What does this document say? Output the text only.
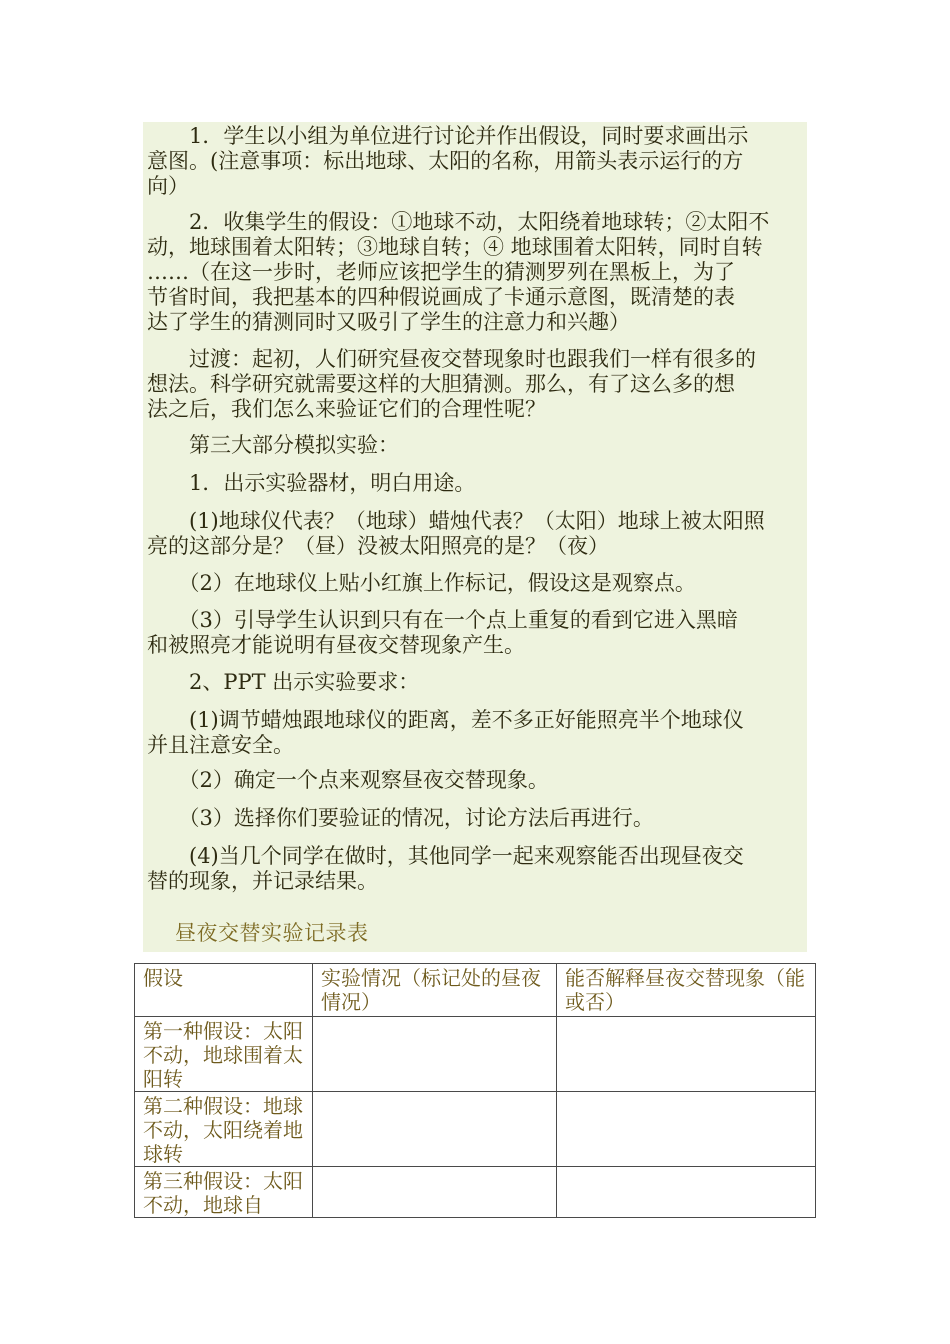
　　1．学生以小组为单位进行讨论并作出假设，同时要求画出示
意图。(注意事项：标出地球、太阳的名称，用箭头表示运行的方
向）
　　2．收集学生的假设：①地球不动，太阳绕着地球转；②太阳不
动，地球围着太阳转；③地球自转；④ 地球围着太阳转，同时自转
……（在这一步时，老师应该把学生的猜测罗列在黑板上，为了
节省时间，我把基本的四种假说画成了卡通示意图，既清楚的表
达了学生的猜测同时又吸引了学生的注意力和兴趣）
　　过渡：起初，人们研究昼夜交替现象时也跟我们一样有很多的
想法。科学研究就需要这样的大胆猜测。那么，有了这么多的想
法之后，我们怎么来验证它们的合理性呢？
　　第三大部分模拟实验：
　　1．出示实验器材，明白用途。
　　(1)地球仪代表？（地球）蜡烛代表？（太阳）地球上被太阳照
亮的这部分是？（昼）没被太阳照亮的是？（夜）
　　（2）在地球仪上贴小红旗上作标记，假设这是观察点。
　　（3）引导学生认识到只有在一个点上重复的看到它进入黑暗
和被照亮才能说明有昼夜交替现象产生。
　　2、PPT 出示实验要求：
　　(1)调节蜡烛跟地球仪的距离，差不多正好能照亮半个地球仪
并且注意安全。
　　（2）确定一个点来观察昼夜交替现象。
　　（3）选择你们要验证的情况，讨论方法后再进行。
　　(4)当几个同学在做时，其他同学一起来观察能否出现昼夜交
替的现象，并记录结果。
昼夜交替实验记录表
假设	实验情况（标记处的昼夜情况）	能否解释昼夜交替现象（能或否）
第一种假设：太阳不动，地球围着太阳转		
第二种假设：地球不动，太阳绕着地球转		
第三种假设：太阳不动，地球自		
